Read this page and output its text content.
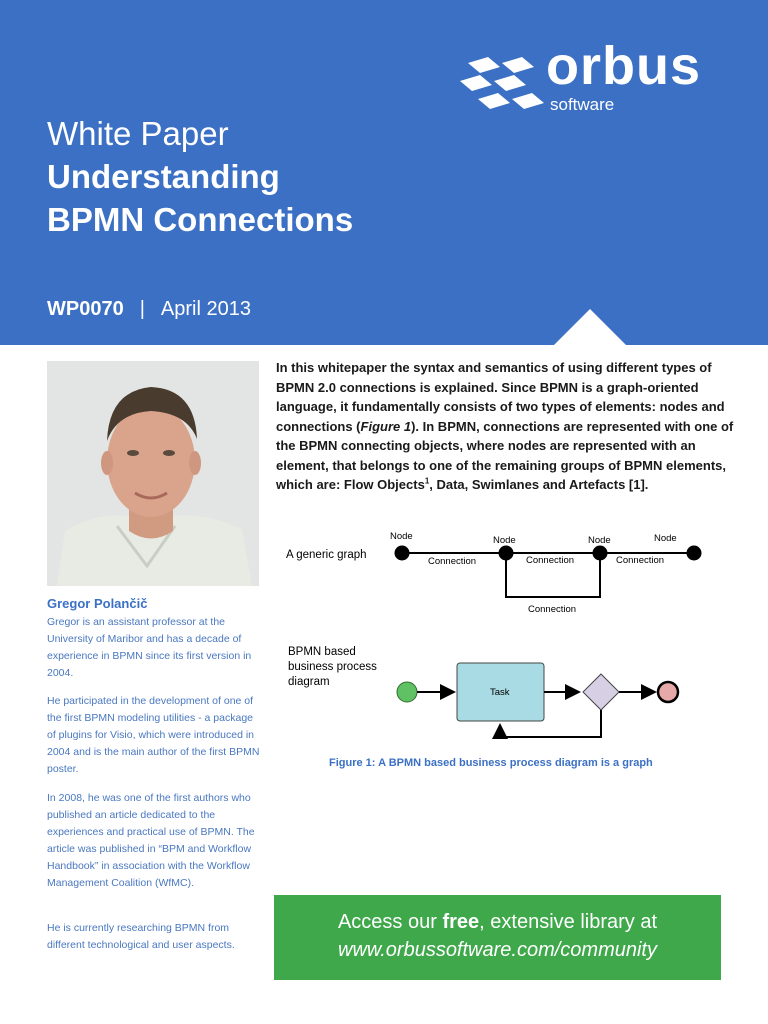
orbus
software
White Paper
Understanding
BPMN Connections
WP0070 | April 2013
Gregor Polančič

Gregor is an assistant professor at the University of Maribor and has a decade of experience in BPMN since its first version in 2004.

He participated in the development of one of the first BPMN modeling utilities - a package of plugins for Visio, which were introduced in 2004 and is the main author of the first BPMN poster.

In 2008, he was one of the first authors who published an article dedicated to the experiences and practical use of BPMN. The article was published in “BPM and Workflow Handbook” in association with the Workflow Management Coalition (WfMC).

He is currently researching BPMN from different technological and user aspects.

In this whitepaper the syntax and semantics of using different types of BPMN 2.0 connections is explained. Since BPMN is a graph-oriented language, it fundamentally consists of two types of elements: nodes and connections (Figure 1). In BPMN, connections are represented with one of the BPMN connecting objects, where nodes are represented with an element, that belongs to one of the remaining groups of BPMN elements, which are: Flow Objects$^1$, Data, Swimlanes and Artefacts [1].

A generic graph
Node	Node	Node	Node
Connection	Connection	Connection
Connection
BPMN based
business process
diagram
Task
Figure 1: A BPMN based business process diagram is a graph
Access our free, extensive library at
www.orbussoftware.com/community
